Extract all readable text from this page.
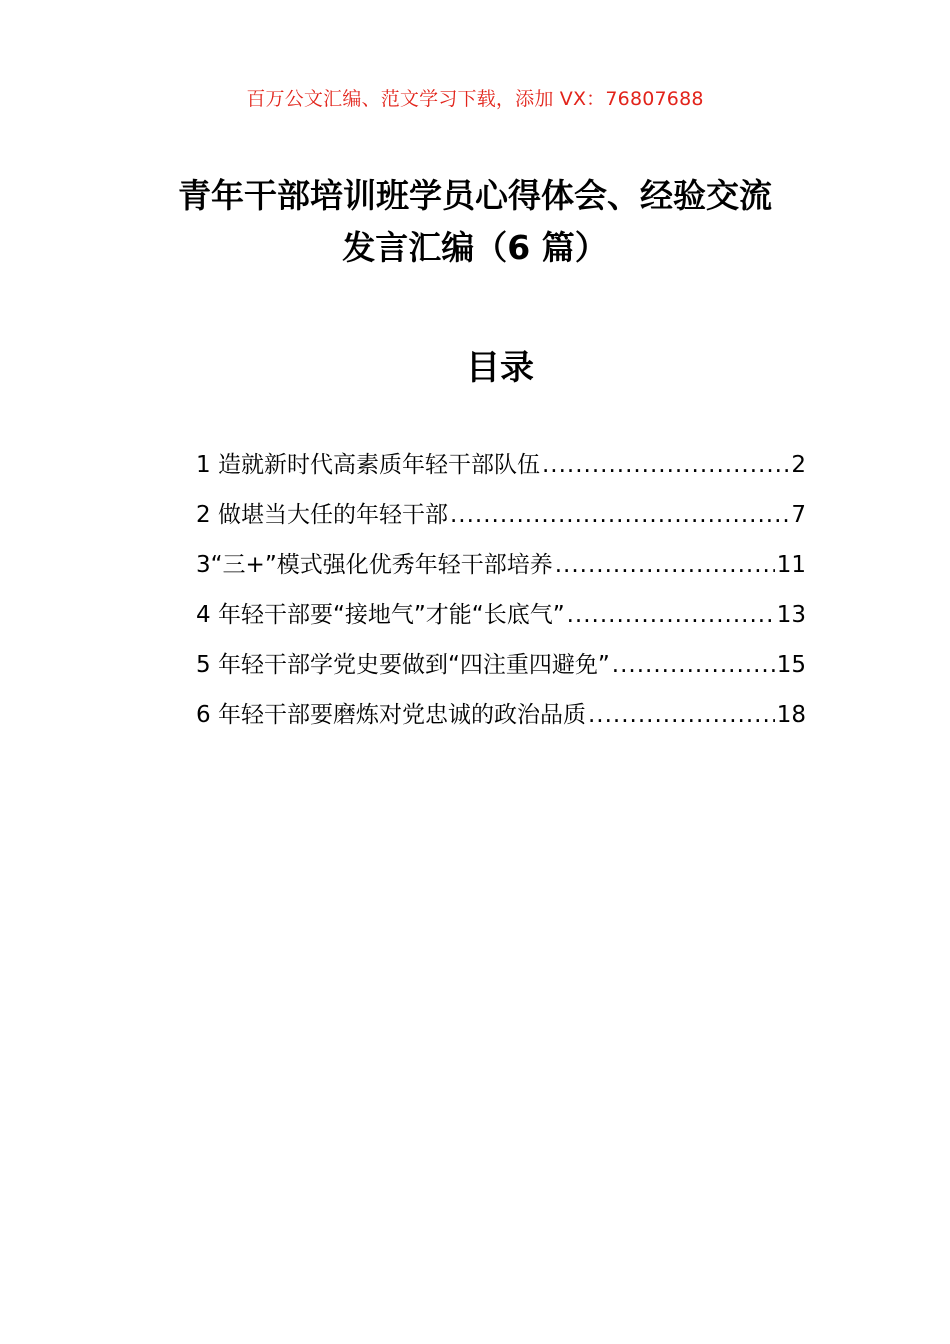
百万公文汇编、范文学习下载，添加 VX：76807688
青年干部培训班学员心得体会、经验交流
发言汇编（6 篇）
目录
1 造就新时代高素质年轻干部队伍 .....	2
2 做堪当大任的年轻干部 .....	7
3“三+”模式强化优秀年轻干部培养 .....	11
4 年轻干部要“接地气”才能“长底气” .....	13
5 年轻干部学党史要做到“四注重四避免” .....	15
6 年轻干部要磨炼对党忠诚的政治品质 .....	18
